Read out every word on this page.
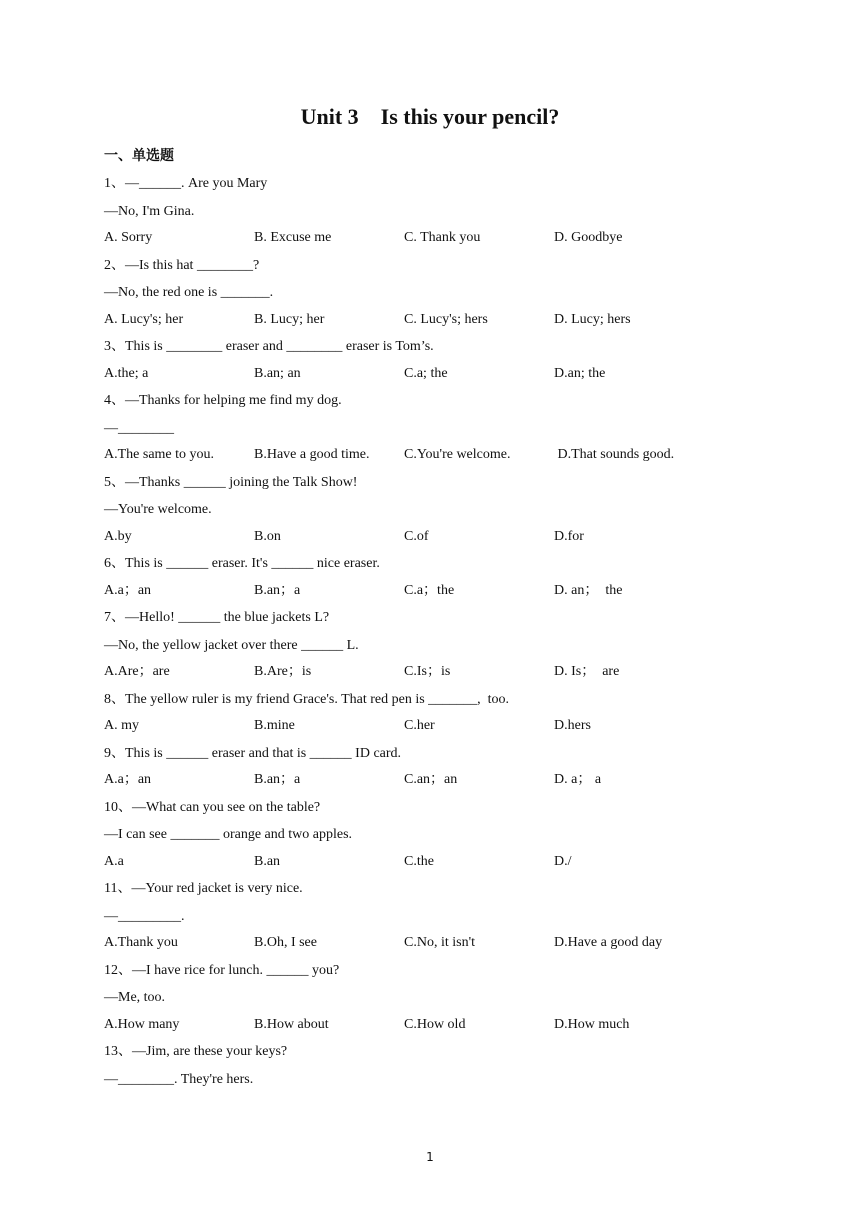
Unit 3    Is this your pencil?
一、单选题
1、—______. Are you Mary
—No, I'm Gina.
A. Sorry	B. Excuse me	C. Thank you	D. Goodbye
2、—Is this hat ________?
—No, the red one is _______.
A. Lucy's; her	B. Lucy; her	C. Lucy's; hers	D. Lucy; hers
3、This is ________ eraser and ________ eraser is Tom’s.
A.the; a	B.an; an	C.a; the	D.an; the
4、—Thanks for helping me find my dog.
—________
A.The same to you.	B.Have a good time. C.You're welcome.	D.That sounds good.
5、—Thanks ______ joining the Talk Show!
—You're welcome.
A.by	B.on	C.of	D.for
6、This is ______ eraser. It's ______ nice eraser.
A.a；an	B.an；a	C.a；the	D. an；  the
7、—Hello! ______ the blue jackets L?
—No, the yellow jacket over there ______ L.
A.Are；are	B.Are；is	C.Is；is	D. Is；  are
8、The yellow ruler is my friend Grace's. That red pen is _______,  too.
A. my	B.mine	C.her	D.hers
9、This is ______ eraser and that is ______ ID card.
A.a；an	B.an；a	C.an；an	D. a； a
10、—What can you see on the table?
—I can see _______ orange and two apples.
A.a	B.an	C.the	D./
11、—Your red jacket is very nice.
—_________.
A.Thank you	B.Oh, I see	C.No, it isn't	D.Have a good day
12、—I have rice for lunch. ______ you?
—Me, too.
A.How many	B.How about	C.How old	D.How much
13、—Jim, are these your keys?
—________. They're hers.
1
